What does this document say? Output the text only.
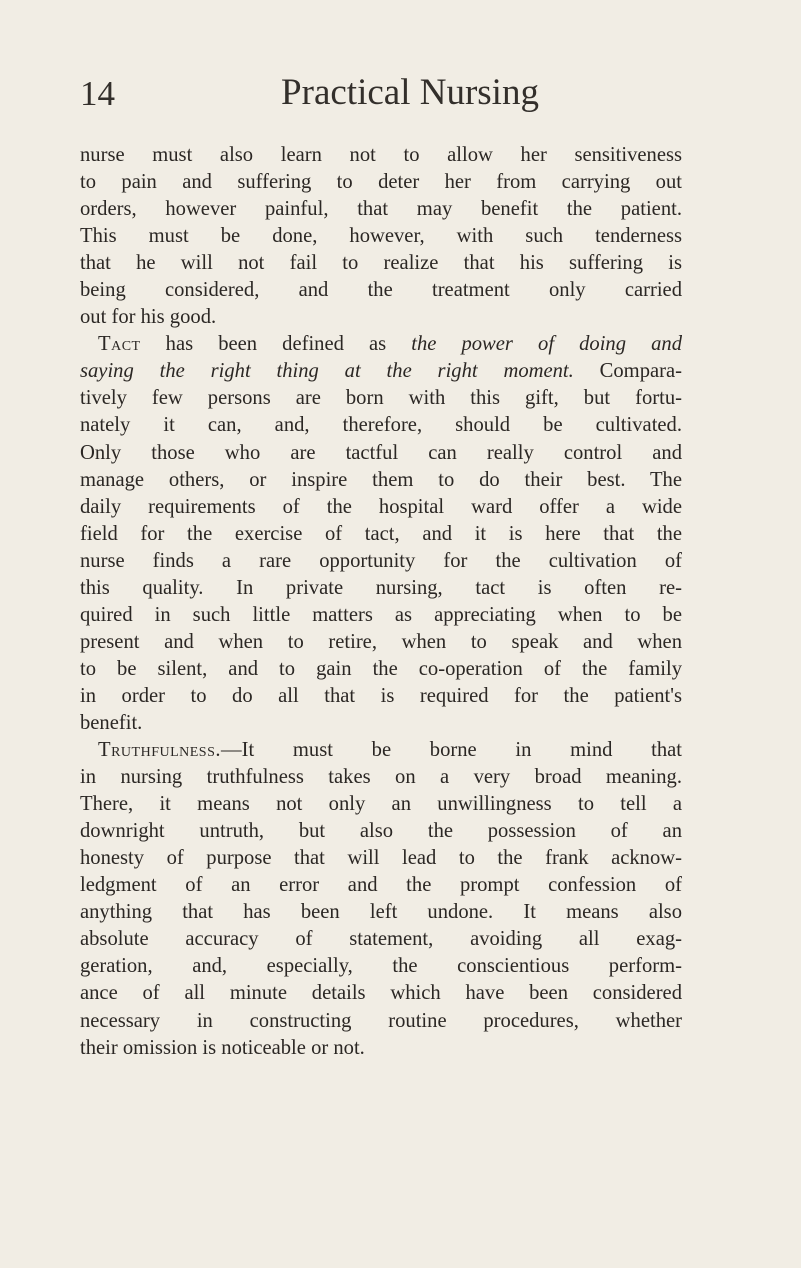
14	Practical Nursing
nurse must also learn not to allow her sensitiveness
to pain and suffering to deter her from carrying out
orders, however painful, that may benefit the patient.
This must be done, however, with such tenderness
that he will not fail to realize that his suffering is
being considered, and the treatment only carried
out for his good.
Tact has been defined as the power of doing and
saying the right thing at the right moment. Compara-
tively few persons are born with this gift, but fortu-
nately it can, and, therefore, should be cultivated.
Only those who are tactful can really control and
manage others, or inspire them to do their best. The
daily requirements of the hospital ward offer a wide
field for the exercise of tact, and it is here that the
nurse finds a rare opportunity for the cultivation of
this quality. In private nursing, tact is often re-
quired in such little matters as appreciating when to be
present and when to retire, when to speak and when
to be silent, and to gain the co-operation of the family
in order to do all that is required for the patient's
benefit.
Truthfulness.—It must be borne in mind that
in nursing truthfulness takes on a very broad meaning.
There, it means not only an unwillingness to tell a
downright untruth, but also the possession of an
honesty of purpose that will lead to the frank acknow-
ledgment of an error and the prompt confession of
anything that has been left undone. It means also
absolute accuracy of statement, avoiding all exag-
geration, and, especially, the conscientious perform-
ance of all minute details which have been considered
necessary in constructing routine procedures, whether
their omission is noticeable or not.
